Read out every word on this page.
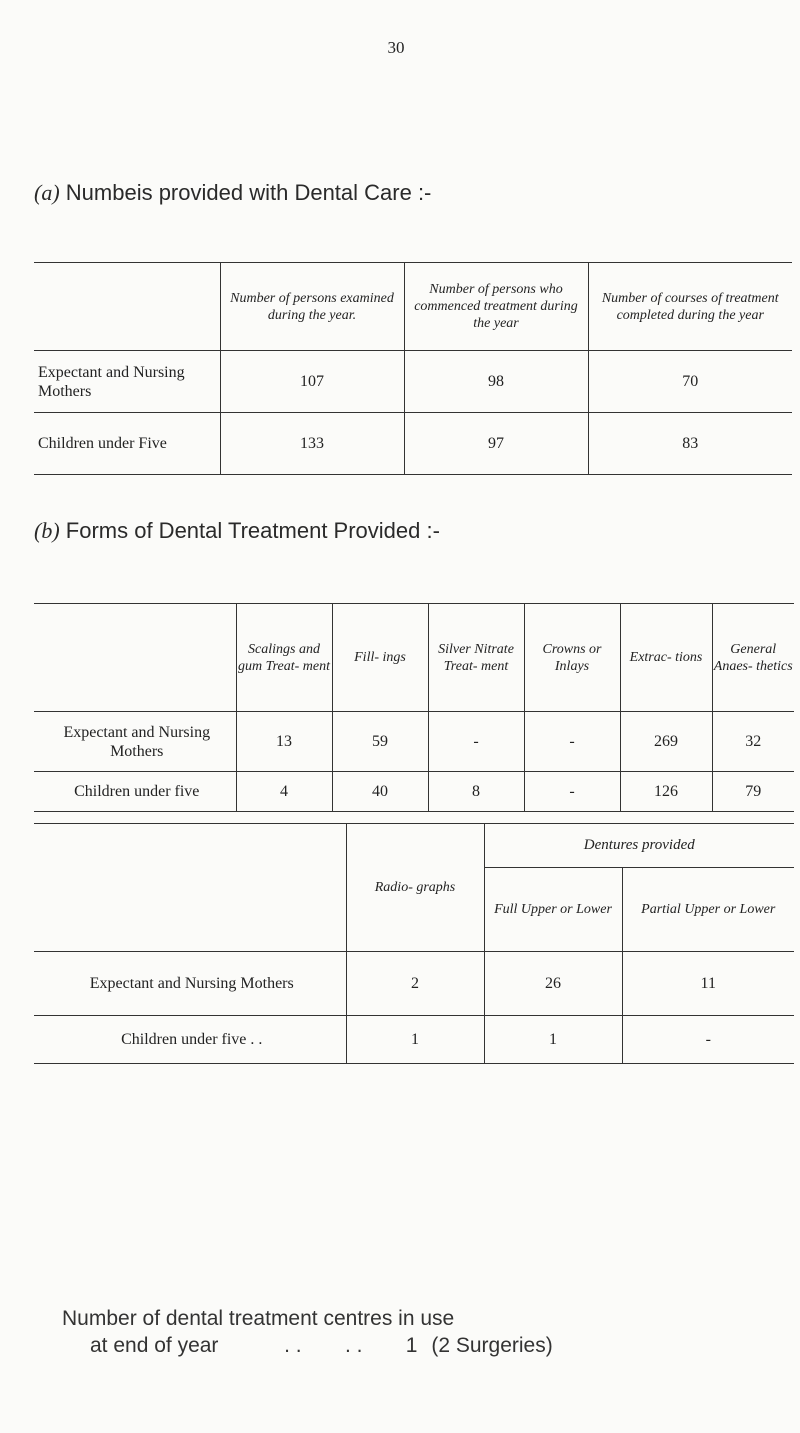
30
(a) Numbeis provided with Dental Care :-
	Number of persons examined during the year.	Number of persons who commenced treatment during the year	Number of courses of treatment completed during the year
Expectant and Nursing Mothers	107	98	70
Children under Five	133	97	83
(b) Forms of Dental Treatment Provided :-
	Scalings and gum Treat- ment	Fill- ings	Silver Nitrate Treat- ment	Crowns or Inlays	Extrac- tions	General Anaes- thetics
Expectant and Nursing Mothers	13	59	-	-	269	32
Children under five	4	40	8	-	126	79
	Radio- graphs	Dentures provided	
		Full Upper or Lower	Partial Upper or Lower
Expectant and Nursing Mothers	2	26	11
Children under five . .	1	1	-
Number of dental treatment centres in use
at end of year	. . . . 1 (2 Surgeries)
